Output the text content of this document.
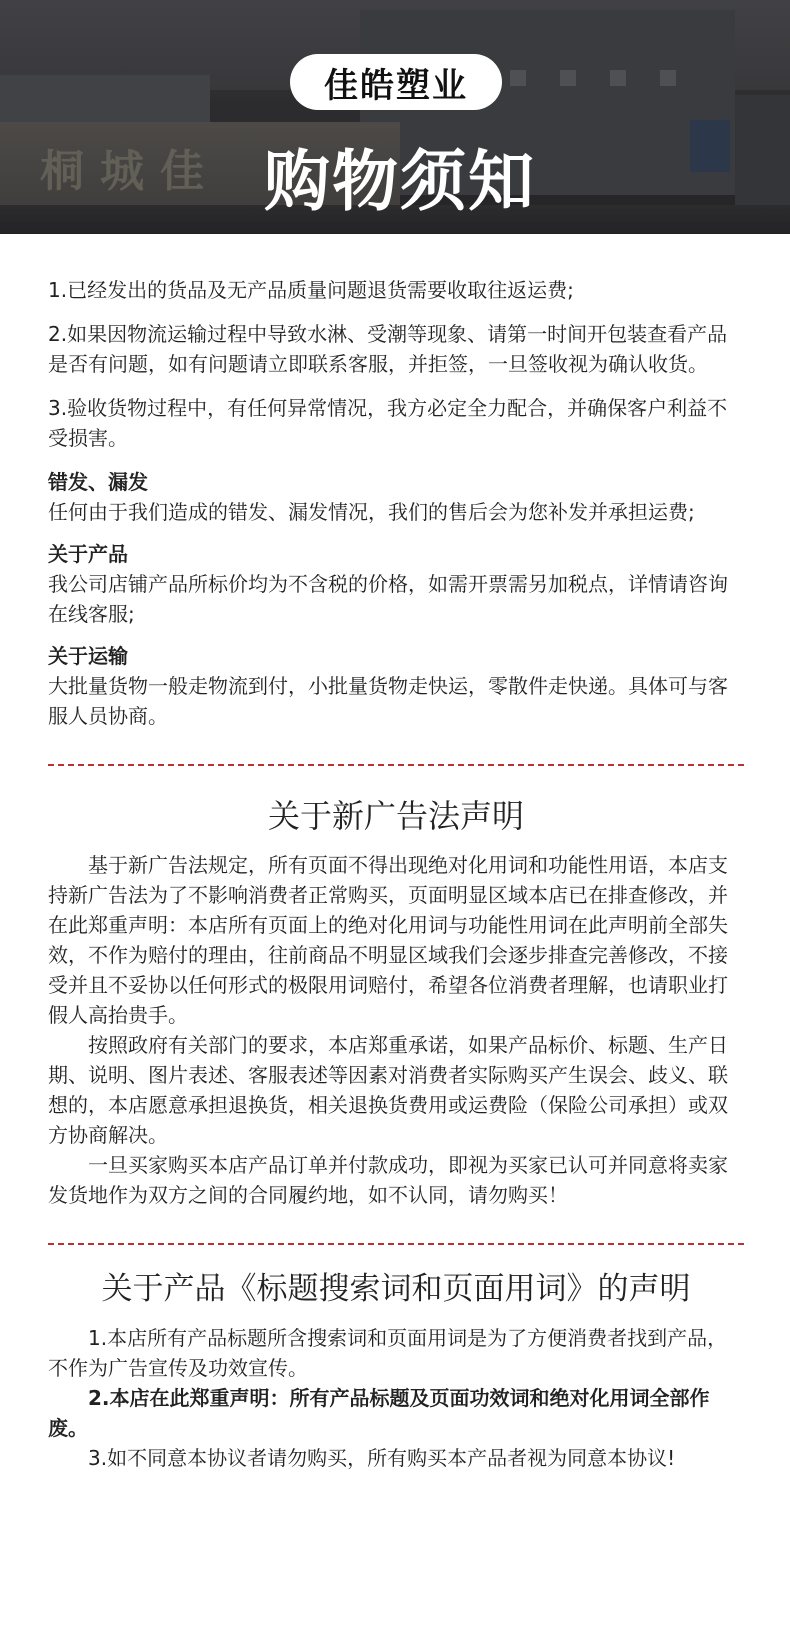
桐城佳
佳皓塑业
购物须知

1.已经发出的货品及无产品质量问题退货需要收取往返运费;

2.如果因物流运输过程中导致水淋、受潮等现象、请第一时间开包装查看产品是否有问题，如有问题请立即联系客服，并拒签，一旦签收视为确认收货。

3.验收货物过程中，有任何异常情况，我方必定全力配合，并确保客户利益不受损害。

错发、漏发

任何由于我们造成的错发、漏发情况，我们的售后会为您补发并承担运费;

关于产品

我公司店铺产品所标价均为不含税的价格，如需开票需另加税点，详情请咨询在线客服;

关于运输

大批量货物一般走物流到付，小批量货物走快运，零散件走快递。具体可与客服人员协商。

关于新广告法声明

基于新广告法规定，所有页面不得出现绝对化用词和功能性用语，本店支持新广告法为了不影响消费者正常购买，页面明显区域本店已在排查修改，并在此郑重声明：本店所有页面上的绝对化用词与功能性用词在此声明前全部失效，不作为赔付的理由，往前商品不明显区域我们会逐步排查完善修改，不接受并且不妥协以任何形式的极限用词赔付，希望各位消费者理解，也请职业打假人高抬贵手。

按照政府有关部门的要求，本店郑重承诺，如果产品标价、标题、生产日期、说明、图片表述、客服表述等因素对消费者实际购买产生误会、歧义、联想的，本店愿意承担退换货，相关退换货费用或运费险（保险公司承担）或双方协商解决。

一旦买家购买本店产品订单并付款成功，即视为买家已认可并同意将卖家发货地作为双方之间的合同履约地，如不认同，请勿购买！

关于产品《标题搜索词和页面用词》的声明

1.本店所有产品标题所含搜索词和页面用词是为了方便消费者找到产品，不作为广告宣传及功效宣传。

2.本店在此郑重声明：所有产品标题及页面功效词和绝对化用词全部作废。

3.如不同意本协议者请勿购买，所有购买本产品者视为同意本协议!
